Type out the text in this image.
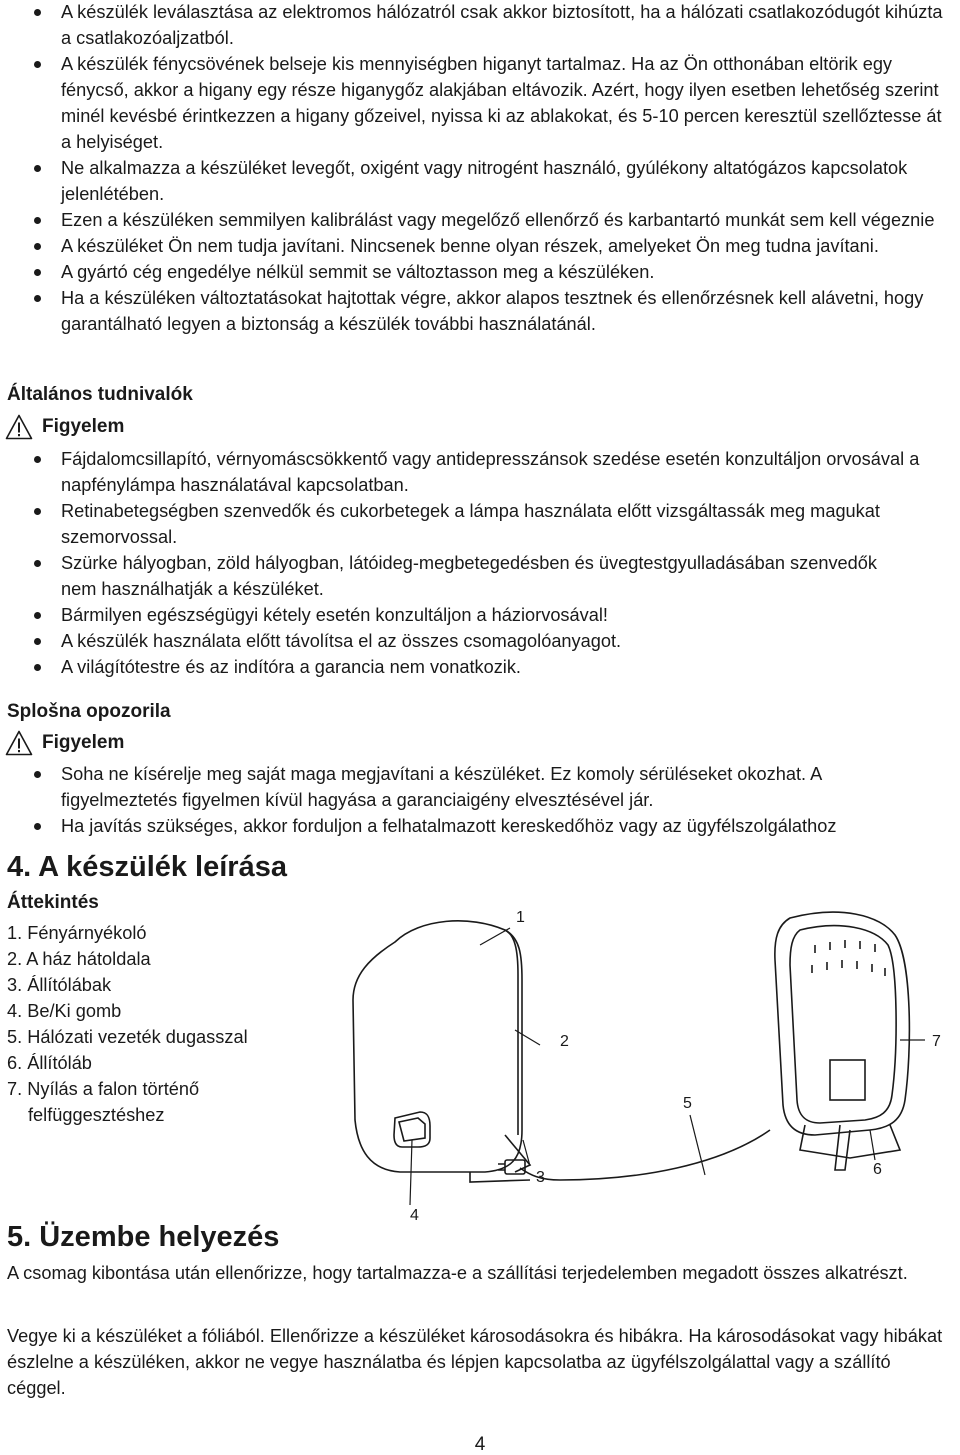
A készülék leválasztása az elektromos hálózatról csak akkor biztosított, ha a hálózati csatlakozódugót kihúzta a csatlakozóaljzatból.
A készülék fénycsövének belseje kis mennyiségben higanyt tartalmaz. Ha az Ön otthonában eltörik egy fénycső, akkor a higany egy része higanygőz alakjában eltávozik. Azért, hogy ilyen esetben lehetőség szerint minél kevésbé érintkezzen a higany gőzeivel, nyissa ki az ablakokat, és 5-10 percen keresztül szellőztesse át a helyiséget.
Ne alkalmazza a készüléket levegőt, oxigént vagy nitrogént használó, gyúlékony altatógázos kapcsolatok jelenlétében.
Ezen a készüléken semmilyen kalibrálást vagy megelőző ellenőrző és karbantartó munkát sem kell végeznie
A készüléket Ön nem tudja javítani. Nincsenek benne olyan részek, amelyeket Ön meg tudna javítani.
A gyártó cég engedélye nélkül semmit se változtasson meg a készüléken.
Ha a készüléken változtatásokat hajtottak végre, akkor alapos tesztnek és ellenőrzésnek kell alávetni, hogy garantálható legyen a biztonság a készülék további használatánál.
Általános tudnivalók
Figyelem
Fájdalomcsillapító, vérnyomáscsökkentő vagy antidepresszánsok szedése esetén konzultáljon orvosával a napfénylámpa használatával kapcsolatban.
Retinabetegségben szenvedők és cukorbetegek a lámpa használata előtt vizsgáltassák meg magukat szemorvossal.
Szürke hályogban, zöld hályogban, látóideg-megbetegedésben és üvegtestgyulladásában szenvedők nem használhatják a készüléket.
Bármilyen egészségügyi kétely esetén konzultáljon a háziorvosával!
A készülék használata előtt távolítsa el az összes csomagolóanyagot.
A világítótestre és az indítóra a garancia nem vonatkozik.
Splošna opozorila
Figyelem
Soha ne kísérelje meg saját maga megjavítani a készüléket. Ez komoly sérüléseket okozhat. A figyelmeztetés figyelmen kívül hagyása a garanciaigény elvesztésével jár.
Ha javítás szükséges, akkor forduljon a felhatalmazott kereskedőhöz vagy az ügyfélszolgálathoz
4. A készülék leírása
Áttekintés
1. Fényárnyékoló
2. A ház hátoldala
3. Állítólábak
4. Be/Ki gomb
5. Hálózati vezeték dugasszal
6. Állítóláb
7. Nyílás a falon történő
felfüggesztéshez
1
2
3
4
5
6
7
5. Üzembe helyezés
A csomag kibontása után ellenőrizze, hogy tartalmazza-e a szállítási terjedelemben megadott összes alkatrészt.
Vegye ki a készüléket a fóliából. Ellenőrizze a készüléket károsodásokra és hibákra. Ha károsodásokat vagy hibákat észlelne a készüléken, akkor ne vegye használatba és lépjen kapcsolatba az ügyfélszolgálattal vagy a szállító céggel.
4
